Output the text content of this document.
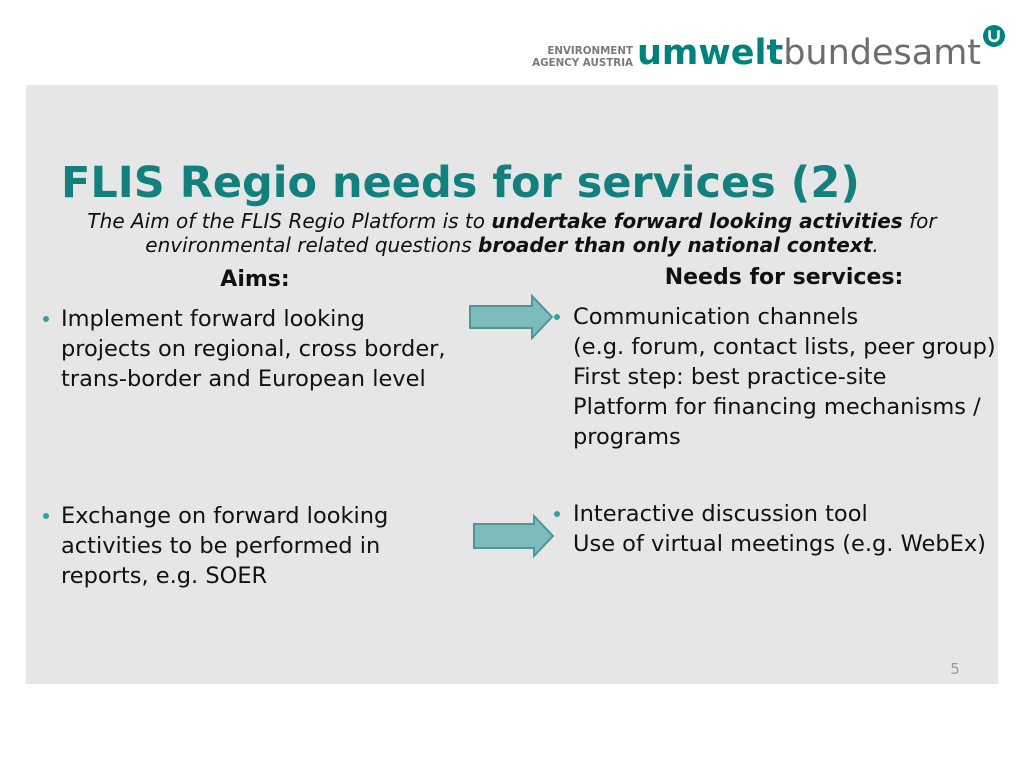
ENVIRONMENT
AGENCY AUSTRIA umweltbundesamt
FLIS Regio needs for services (2)
The Aim of the FLIS Regio Platform is to undertake forward looking activities for
environmental related questions broader than only national context.
Aims:	Needs for services:
Implement forward looking
projects on regional, cross border,
trans-border and European level
Exchange on forward looking
activities to be performed in
reports, e.g. SOER
Communication channels
(e.g. forum, contact lists, peer group)
First step: best practice-site
Platform for financing mechanisms /
programs
Interactive discussion tool
Use of virtual meetings (e.g. WebEx)
5
